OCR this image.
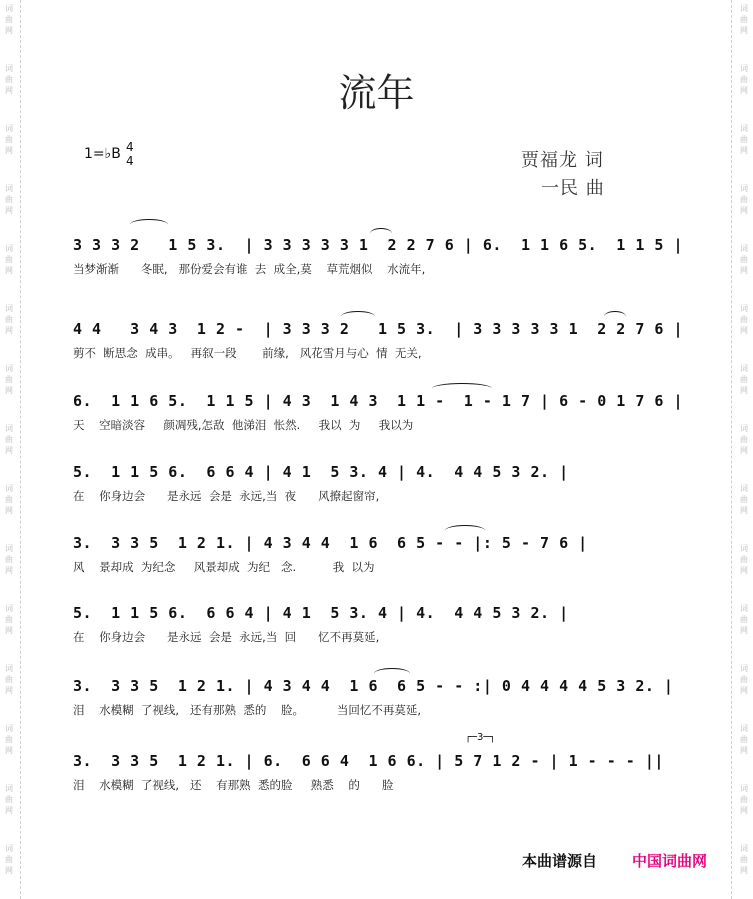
词
曲
网
词
曲
网
词
曲
网
词
曲
网
词
曲
网
词
曲
网
词
曲
网
词
曲
网
词
曲
网
词
曲
网
词
曲
网
词
曲
网
词
曲
网
词
曲
网
词
曲
网
词
曲
网
词
曲
网
词
曲
网
词
曲
网
词
曲
网
词
曲
网
词
曲
网
词
曲
网
词
曲
网
词
曲
网
词
曲
网
词
曲
网
词
曲
网
词
曲
网
词
曲
网
流年
1=♭B 4
4	贾福龙 词
一民 曲
3 3 3 2   1 5 3.  | 3 3 3 3 3 1  2 2 7 6 | 6.  1 1 6 5.  1 1 5 |
当梦渐渐      冬眠,   那份爱会有谁  去  成全,莫    草荒烟似    水流年,
4 4   3 4 3  1 2 -  | 3 3 3 2   1 5 3.  | 3 3 3 3 3 1  2 2 7 6 |
剪不  断思念  成串。   再叙一段       前缘,   风花雪月与心  情  无关,
6.  1 1 6 5.  1 1 5 | 4 3  1 4 3  1 1 -  1 - 1 7 | 6 - 0 1 7 6 |
天    空暗淡容     颜凋残,怎敌  他涕泪  怅然.     我以  为     我以为
5.  1 1 5 6.  6 6 4 | 4 1  5 3. 4 | 4.  4 4 5 3 2. |
在    你身边会      是永远  会是  永远,当  夜      风撩起窗帘,
3.  3 3 5  1 2 1. | 4 3 4 4  1 6  6 5 - - |: 5 - 7 6 |
风    景却成  为纪念     风景却成  为纪   念.          我  以为
5.  1 1 5 6.  6 6 4 | 4 1  5 3. 4 | 4.  4 4 5 3 2. |
在    你身边会      是永远  会是  永远,当  回      忆不再莫延,
3.  3 3 5  1 2 1. | 4 3 4 4  1 6  6 5 - - :| 0 4 4 4 4 5 3 2. |
泪    水模糊  了视线,   还有那熟  悉的    脸。         当回忆不再莫延,
┌─3─┐
3.  3 3 5  1 2 1. | 6.  6 6 4  1 6 6. | 5 7 1 2 - | 1 - - - ||
泪    水模糊  了视线,   还    有那熟  悉的脸     熟悉    的      脸
本曲谱源自 中国词曲网
